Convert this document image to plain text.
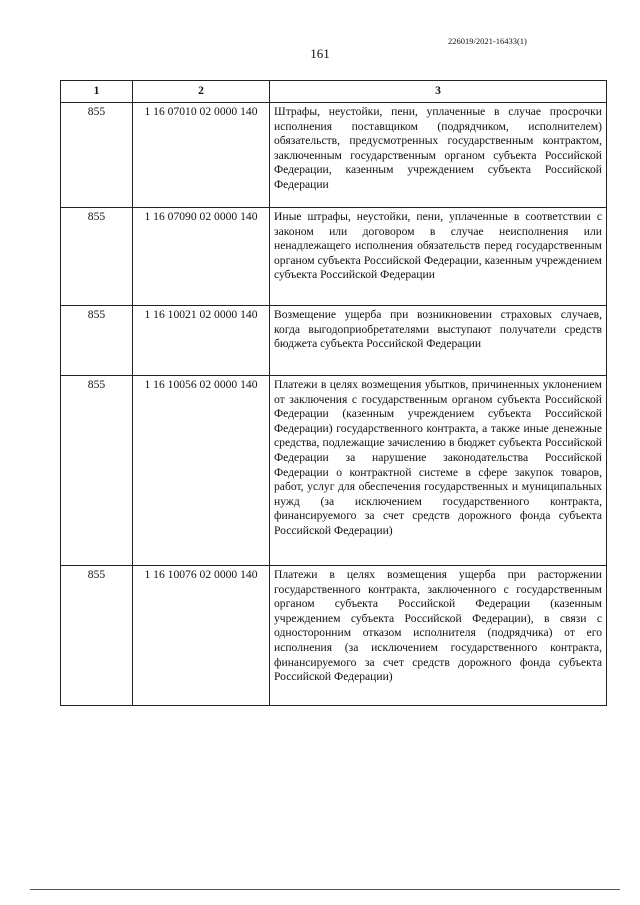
226019/2021-16433(1)
161
1	2	3
855	1 16 07010 02 0000 140	Штрафы, неустойки, пени, уплаченные в случае просрочки исполнения поставщиком (подрядчиком, исполнителем) обязательств, предусмотренных государственным контрактом, заключенным государственным органом субъекта Российской Федерации, казенным учреждением субъекта Российской Федерации
855	1 16 07090 02 0000 140	Иные штрафы, неустойки, пени, уплаченные в соответствии с законом или договором в случае неисполнения или ненадлежащего исполнения обязательств перед государственным органом субъекта Российской Федерации, казенным учреждением субъекта Российской Федерации
855	1 16 10021 02 0000 140	Возмещение ущерба при возникновении страховых случаев, когда выгодоприобретателями выступают получатели средств бюджета субъекта Российской Федерации
855	1 16 10056 02 0000 140	Платежи в целях возмещения убытков, причиненных уклонением от заключения с государственным органом субъекта Российской Федерации (казенным учреждением субъекта Российской Федерации) государственного контракта, а также иные денежные средства, подлежащие зачислению в бюджет субъекта Российской Федерации за нарушение законодательства Российской Федерации о контрактной системе в сфере закупок товаров, работ, услуг для обеспечения государственных и муниципальных нужд (за исключением государственного контракта, финансируемого за счет средств дорожного фонда субъекта Российской Федерации)
855	1 16 10076 02 0000 140	Платежи в целях возмещения ущерба при расторжении государственного контракта, заключенного с государственным органом субъекта Российской Федерации (казенным учреждением субъекта Российской Федерации), в связи с односторонним отказом исполнителя (подрядчика) от его исполнения (за исключением государственного контракта, финансируемого за счет средств дорожного фонда субъекта Российской Федерации)
